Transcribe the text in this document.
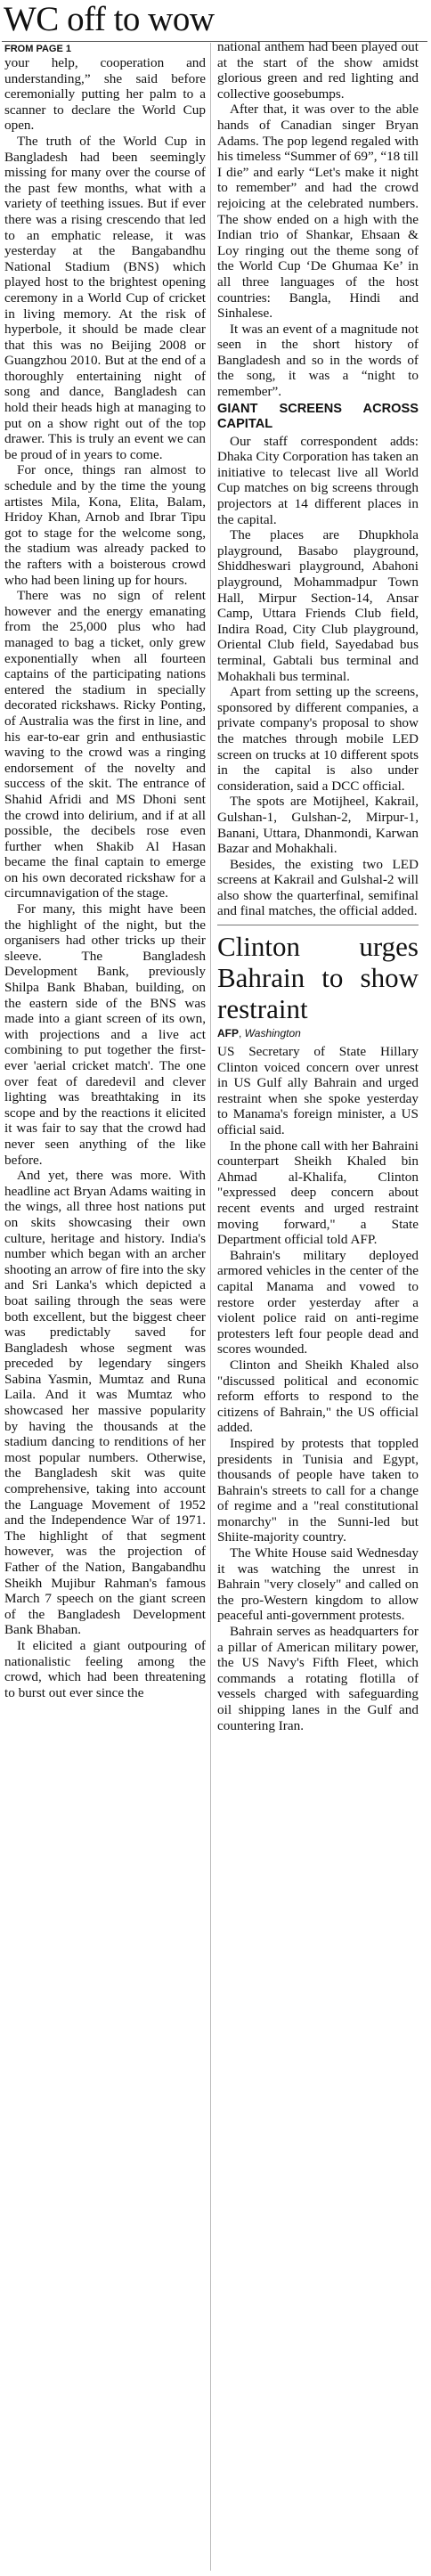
WC off to wow
FROM PAGE 1

your help, cooperation and understanding,” she said before ceremonially putting her palm to a scanner to declare the World Cup open.

The truth of the World Cup in Bangladesh had been seemingly missing for many over the course of the past few months, what with a variety of teething issues. But if ever there was a rising crescendo that led to an emphatic release, it was yesterday at the Bangabandhu National Stadium (BNS) which played host to the brightest opening ceremony in a World Cup of cricket in living memory. At the risk of hyperbole, it should be made clear that this was no Beijing 2008 or Guangzhou 2010. But at the end of a thoroughly entertaining night of song and dance, Bangladesh can hold their heads high at managing to put on a show right out of the top drawer. This is truly an event we can be proud of in years to come.

For once, things ran almost to schedule and by the time the young artistes Mila, Kona, Elita, Balam, Hridoy Khan, Arnob and Ibrar Tipu got to stage for the welcome song, the stadium was already packed to the rafters with a boisterous crowd who had been lining up for hours.

There was no sign of relent however and the energy emanating from the 25,000 plus who had managed to bag a ticket, only grew exponentially when all fourteen captains of the participating nations entered the stadium in specially decorated rickshaws. Ricky Ponting, of Australia was the first in line, and his ear-to-ear grin and enthusiastic waving to the crowd was a ringing endorsement of the novelty and success of the skit. The entrance of Shahid Afridi and MS Dhoni sent the crowd into delirium, and if at all possible, the decibels rose even further when Shakib Al Hasan became the final captain to emerge on his own decorated rickshaw for a circumnavigation of the stage.

For many, this might have been the highlight of the night, but the organisers had other tricks up their sleeve. The Bangladesh Development Bank, previously Shilpa Bank Bhaban, building, on the eastern side of the BNS was made into a giant screen of its own, with projections and a live act combining to put together the first-ever 'aerial cricket match'. The one over feat of daredevil and clever lighting was breathtaking in its scope and by the reactions it elicited it was fair to say that the crowd had never seen anything of the like before.

And yet, there was more. With headline act Bryan Adams waiting in the wings, all three host nations put on skits showcasing their own culture, heritage and history. India's number which began with an archer shooting an arrow of fire into the sky and Sri Lanka's which depicted a boat sailing through the seas were both excellent, but the biggest cheer was predictably saved for Bangladesh whose segment was preceded by legendary singers Sabina Yasmin, Mumtaz and Runa Laila. And it was Mumtaz who showcased her massive popularity by having the thousands at the stadium dancing to renditions of her most popular numbers. Otherwise, the Bangladesh skit was quite comprehensive, taking into account the Language Movement of 1952 and the Independence War of 1971. The highlight of that segment however, was the projection of Father of the Nation, Bangabandhu Sheikh Mujibur Rahman's famous March 7 speech on the giant screen of the Bangladesh Development Bank Bhaban.

It elicited a giant outpouring of nationalistic feeling among the crowd, which had been threatening to burst out ever since the

national anthem had been played out at the start of the show amidst glorious green and red lighting and collective goosebumps.

After that, it was over to the able hands of Canadian singer Bryan Adams. The pop legend regaled with his timeless “Summer of 69”, “18 till I die” and early “Let's make it night to remember” and had the crowd rejoicing at the celebrated numbers. The show ended on a high with the Indian trio of Shankar, Ehsaan & Loy ringing out the theme song of the World Cup ‘De Ghumaa Ke’ in all three languages of the host countries: Bangla, Hindi and Sinhalese.

It was an event of a magnitude not seen in the short history of Bangladesh and so in the words of the song, it was a “night to remember”.

GIANT SCREENS ACROSS CAPITAL

Our staff correspondent adds: Dhaka City Corporation has taken an initiative to telecast live all World Cup matches on big screens through projectors at 14 different places in the capital.

The places are Dhupkhola playground, Basabo playground, Shiddheswari playground, Abahoni playground, Mohammadpur Town Hall, Mirpur Section-14, Ansar Camp, Uttara Friends Club field, Indira Road, City Club playground, Oriental Club field, Sayedabad bus terminal, Gabtali bus terminal and Mohakhali bus terminal.

Apart from setting up the screens, sponsored by different companies, a private company's proposal to show the matches through mobile LED screen on trucks at 10 different spots in the capital is also under consideration, said a DCC official.

The spots are Motijheel, Kakrail, Gulshan-1, Gulshan-2, Mirpur-1, Banani, Uttara, Dhanmondi, Karwan Bazar and Mohakhali.

Besides, the existing two LED screens at Kakrail and Gulshal-2 will also show the quarterfinal, semifinal and final matches, the official added.

Clinton urges Bahrain to show restraint
AFP, Washington

US Secretary of State Hillary Clinton voiced concern over unrest in US Gulf ally Bahrain and urged restraint when she spoke yesterday to Manama's foreign minister, a US official said.

In the phone call with her Bahraini counterpart Sheikh Khaled bin Ahmad al-Khalifa, Clinton "expressed deep concern about recent events and urged restraint moving forward," a State Department official told AFP.

Bahrain's military deployed armored vehicles in the center of the capital Manama and vowed to restore order yesterday after a violent police raid on anti-regime protesters left four people dead and scores wounded.

Clinton and Sheikh Khaled also "discussed political and economic reform efforts to respond to the citizens of Bahrain," the US official added.

Inspired by protests that toppled presidents in Tunisia and Egypt, thousands of people have taken to Bahrain's streets to call for a change of regime and a "real constitutional monarchy" in the Sunni-led but Shiite-majority country.

The White House said Wednesday it was watching the unrest in Bahrain "very closely" and called on the pro-Western kingdom to allow peaceful anti-government protests.

Bahrain serves as headquarters for a pillar of American military power, the US Navy's Fifth Fleet, which commands a rotating flotilla of vessels charged with safeguarding oil shipping lanes in the Gulf and countering Iran.
